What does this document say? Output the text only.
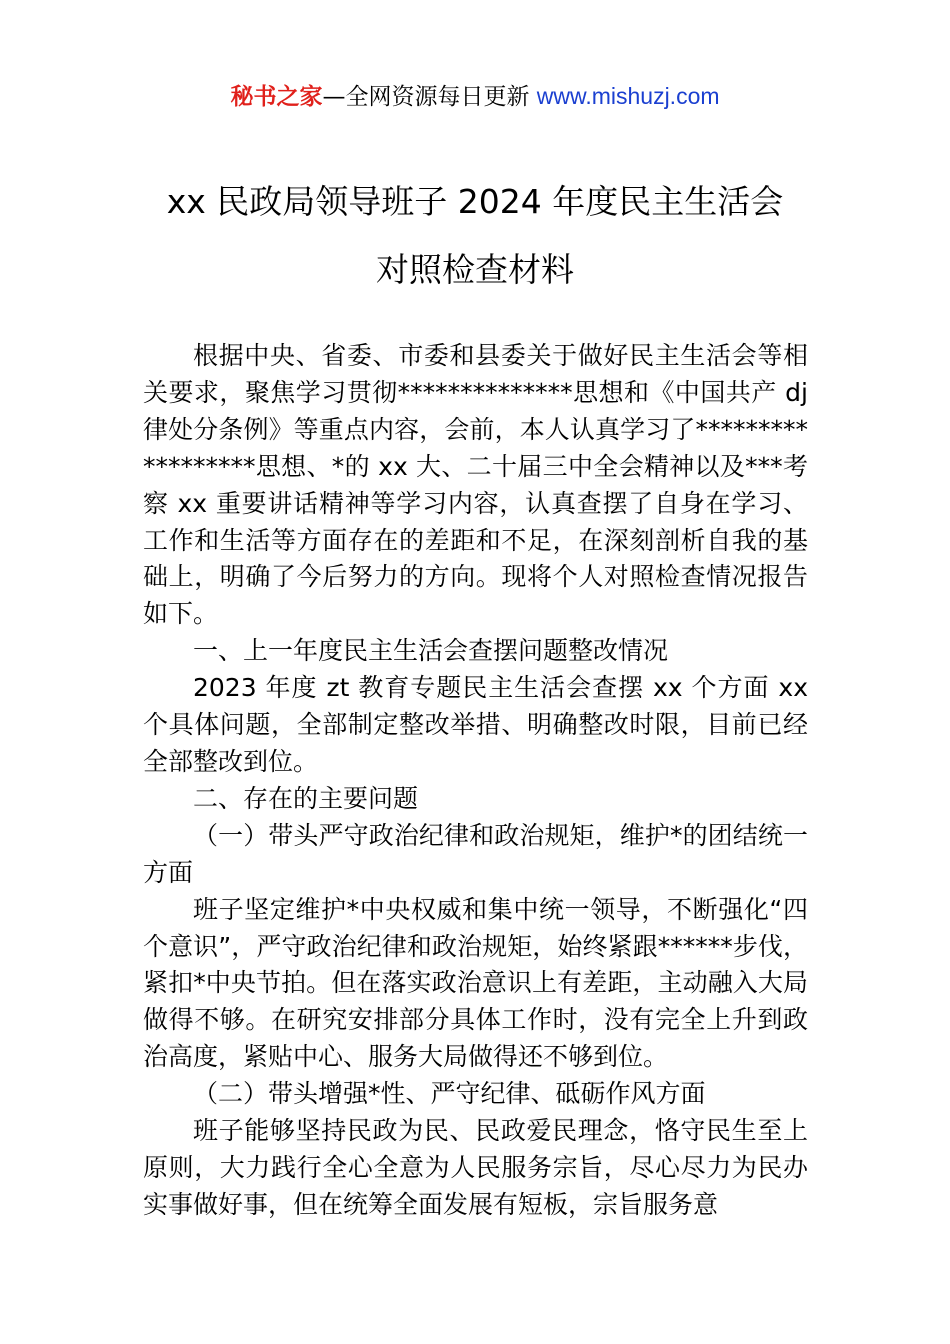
秘书之家—全网资源每日更新 www.mishuzj.com
xx 民政局领导班子 2024 年度民主生活会
对照检查材料

根据中央、省委、市委和县委关于做好民主生活会等相关要求，聚焦学习贯彻**************思想和《中国共产 dj 律处分条例》等重点内容，会前，本人认真学习了******************思想、*的 xx 大、二十届三中全会精神以及***考察 xx 重要讲话精神等学习内容，认真查摆了自身在学习、工作和生活等方面存在的差距和不足，在深刻剖析自我的基础上，明确了今后努力的方向。现将个人对照检查情况报告如下。

一、上一年度民主生活会查摆问题整改情况

2023 年度 zt 教育专题民主生活会查摆 xx 个方面 xx 个具体问题，全部制定整改举措、明确整改时限，目前已经全部整改到位。

二、存在的主要问题

（一）带头严守政治纪律和政治规矩，维护*的团结统一方面

班子坚定维护*中央权威和集中统一领导，不断强化“四个意识”，严守政治纪律和政治规矩，始终紧跟******步伐，紧扣*中央节拍。但在落实政治意识上有差距，主动融入大局做得不够。在研究安排部分具体工作时，没有完全上升到政治高度，紧贴中心、服务大局做得还不够到位。

（二）带头增强*性、严守纪律、砥砺作风方面

班子能够坚持民政为民、民政爱民理念，恪守民生至上原则，大力践行全心全意为人民服务宗旨，尽心尽力为民办实事做好事，但在统筹全面发展有短板，宗旨服务意
